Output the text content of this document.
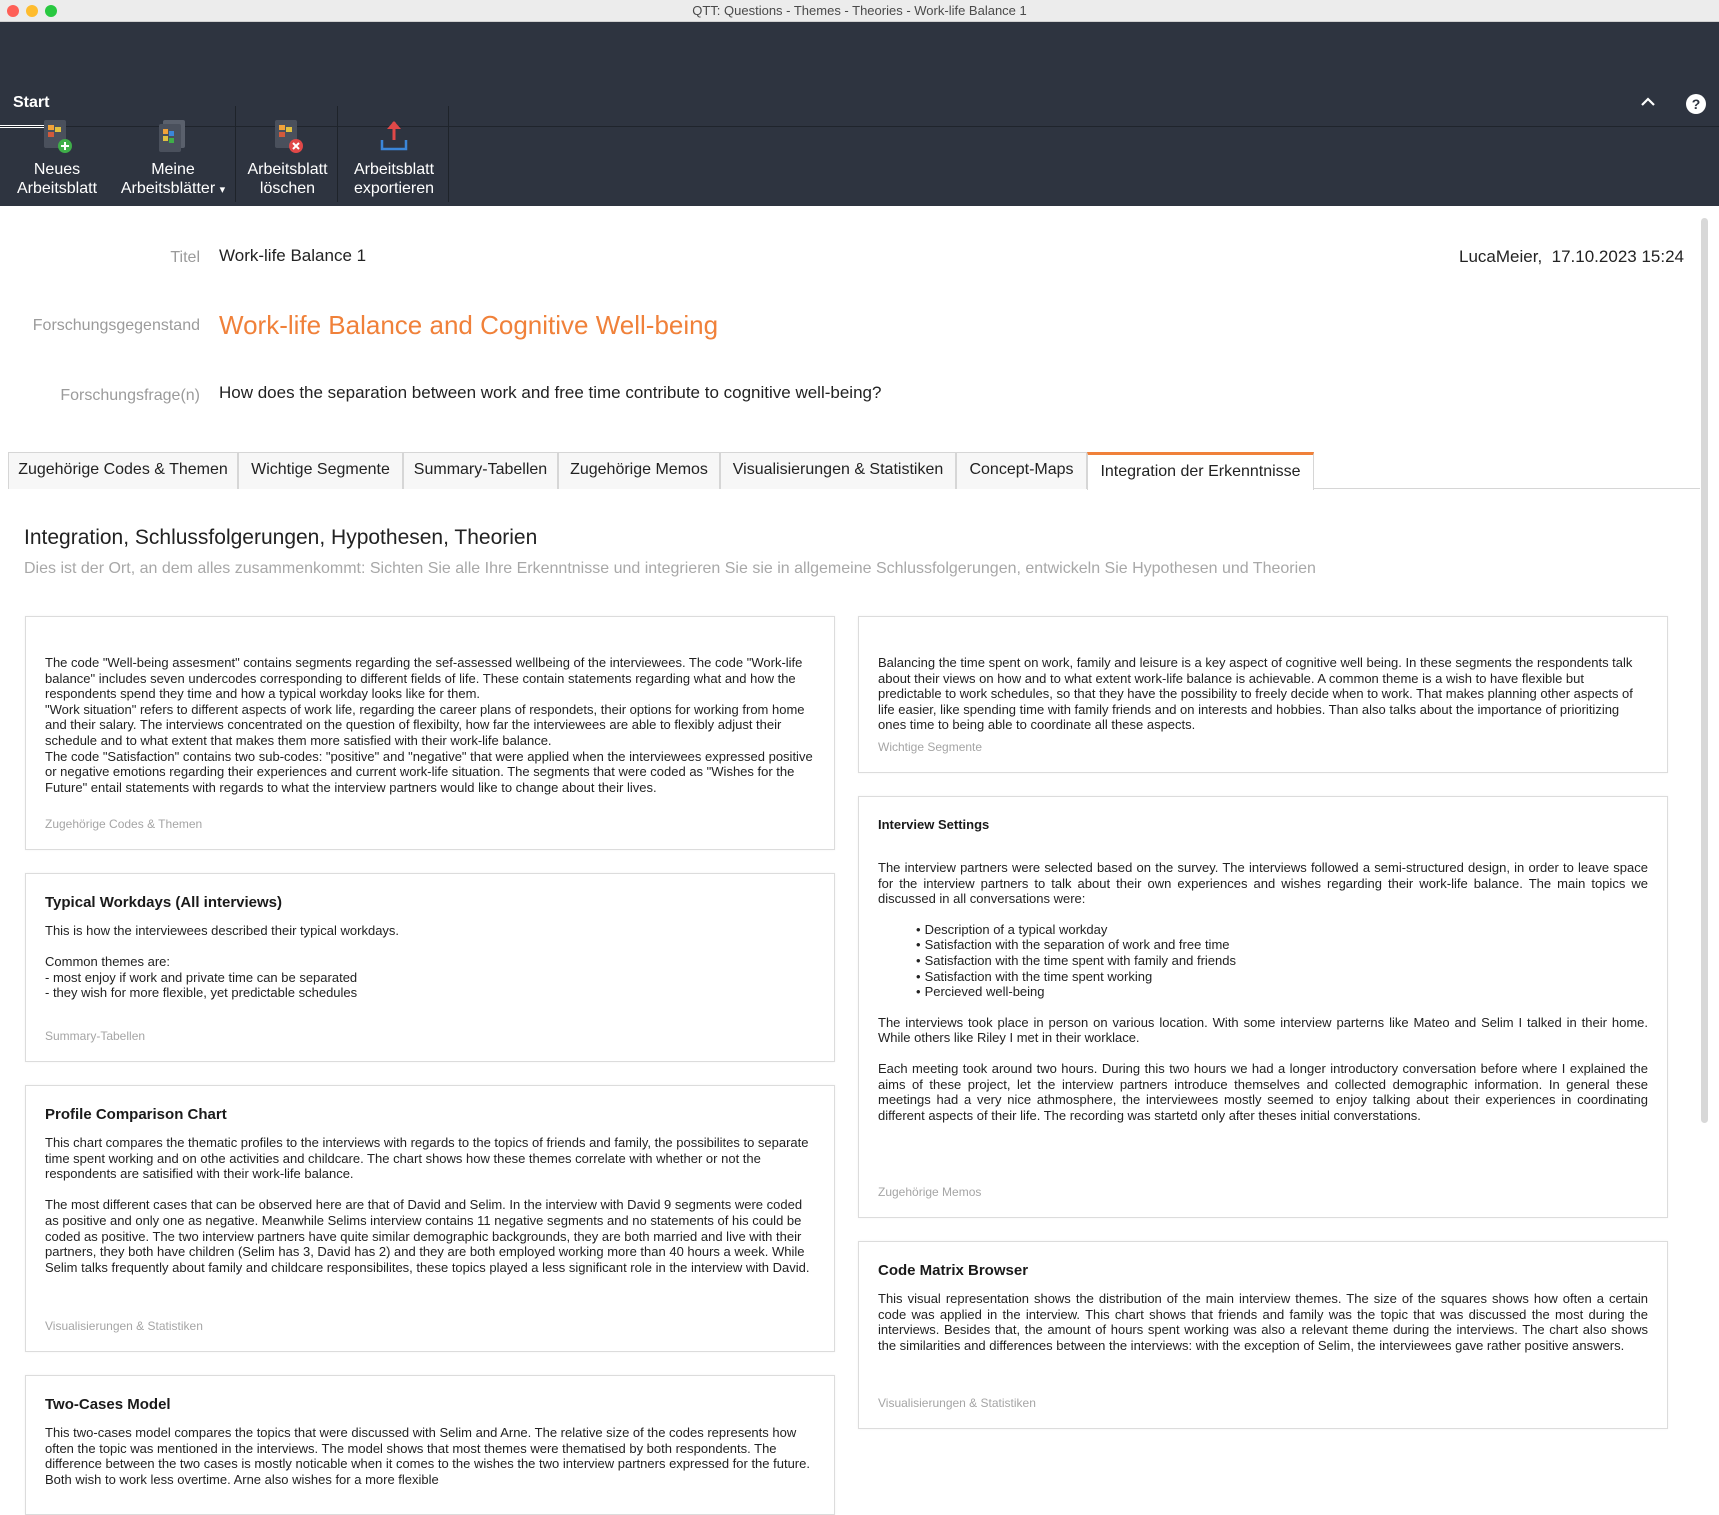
QTT: Questions - Themes - Theories - Work-life Balance 1
Start	?
Neues
Arbeitsblatt
Meine
Arbeitsblätter ▾
Arbeitsblatt
löschen
Arbeitsblatt
exportieren
Titel Work-life Balance 1	LucaMeier, 17.10.2023 15:24
Forschungsgegenstand Work-life Balance and Cognitive Well-being
Forschungsfrage(n) How does the separation between work and free time contribute to cognitive well-being?
Zugehörige Codes & Themen	Wichtige Segmente	Summary-Tabellen	Zugehörige Memos	Visualisierungen & Statistiken	Concept-Maps	Integration der Erkenntnisse
Integration, Schlussfolgerungen, Hypothesen, Theorien
Dies ist der Ort, an dem alles zusammenkommt: Sichten Sie alle Ihre Erkenntnisse und integrieren Sie sie in allgemeine Schlussfolgerungen, entwickeln Sie Hypothesen und Theorien
The code "Well-being assesment" contains segments regarding the sef-assessed wellbeing of the interviewees. The code "Work-life balance" includes seven undercodes corresponding to different fields of life. These contain statements regarding what and how the respondents spend they time and how a typical workday looks like for them.
"Work situation" refers to different aspects of work life, regarding the career plans of respondets, their options for working from home and their salary. The interviews concentrated on the question of flexibilty, how far the interviewees are able to flexibly adjust their schedule and to what extent that makes them more satisfied with their work-life balance.
The code "Satisfaction" contains two sub-codes: "positive" and "negative" that were applied when the interviewees expressed positive or negative emotions regarding their experiences and current work-life situation. The segments that were coded as "Wishes for the Future" entail statements with regards to what the interview partners would like to change about their lives.
Zugehörige Codes & Themen
Typical Workdays (All interviews)
This is how the interviewees described their typical workdays.

Common themes are:
- most enjoy if work and private time can be separated
- they wish for more flexible, yet predictable schedules
Summary-Tabellen
Profile Comparison Chart
This chart compares the thematic profiles to the interviews with regards to the topics of friends and family, the possibilites to separate time spent working and on othe activities and childcare. The chart shows how these themes correlate with whether or not the respondents are satisified with their work-life balance.

The most different cases that can be observed here are that of David and Selim. In the interview with David 9 segments were coded as positive and only one as negative. Meanwhile Selims interview contains 11 negative segments and no statements of his could be coded as positive. The two interview partners have quite similar demographic backgrounds, they are both married and live with their partners, they both have children (Selim has 3, David has 2) and they are both employed working more than 40 hours a week. While Selim talks frequently about family and childcare responsibilites, these topics played a less significant role in the interview with David.
Visualisierungen & Statistiken
Two-Cases Model
This two-cases model compares the topics that were discussed with Selim and Arne. The relative size of the codes represents how often the topic was mentioned in the interviews. The model shows that most themes were thematised by both respondents. The difference between the two cases is mostly noticable when it comes to the wishes the two interview partners expressed for the future. Both wish to work less overtime. Arne also wishes for a more flexible
Balancing the time spent on work, family and leisure is a key aspect of cognitive well being. In these segments the respondents talk about their views on how and to what extent work-life balance is achievable. A common theme is a wish to have flexible but predictable to work schedules, so that they have the possibility to freely decide when to work. That makes planning other aspects of life easier, like spending time with family friends and on interests and hobbies. Than also talks about the importance of prioritizing ones time to being able to coordinate all these aspects.
Wichtige Segmente
Interview Settings
The interview partners were selected based on the survey. The interviews followed a semi-structured design, in order to leave space for the interview partners to talk about their own experiences and wishes regarding their work-life balance. The main topics we discussed in all conversations were:
• Description of a typical workday
• Satisfaction with the separation of work and free time
• Satisfaction with the time spent with family and friends
• Satisfaction with the time spent working
• Percieved well-being
The interviews took place in person on various location. With some interview parterns like Mateo and Selim I talked in their home. While others like Riley I met in their worklace.
Each meeting took around two hours. During this two hours we had a longer introductory conversation before where I explained the aims of these project, let the interview partners introduce themselves and collected demographic information. In general these meetings had a very nice athmosphere, the interviewees mostly seemed to enjoy talking about their experiences in coordinating different aspects of their life. The recording was startetd only after theses initial converstations.
Zugehörige Memos
Code Matrix Browser
This visual representation shows the distribution of the main interview themes. The size of the squares shows how often a certain code was applied in the interview. This chart shows that friends and family was the topic that was discussed the most during the interviews. Besides that, the amount of hours spent working was also a relevant theme during the interviews. The chart also shows the similarities and differences between the interviews: with the exception of Selim, the interviewees gave rather positive answers.
Visualisierungen & Statistiken
